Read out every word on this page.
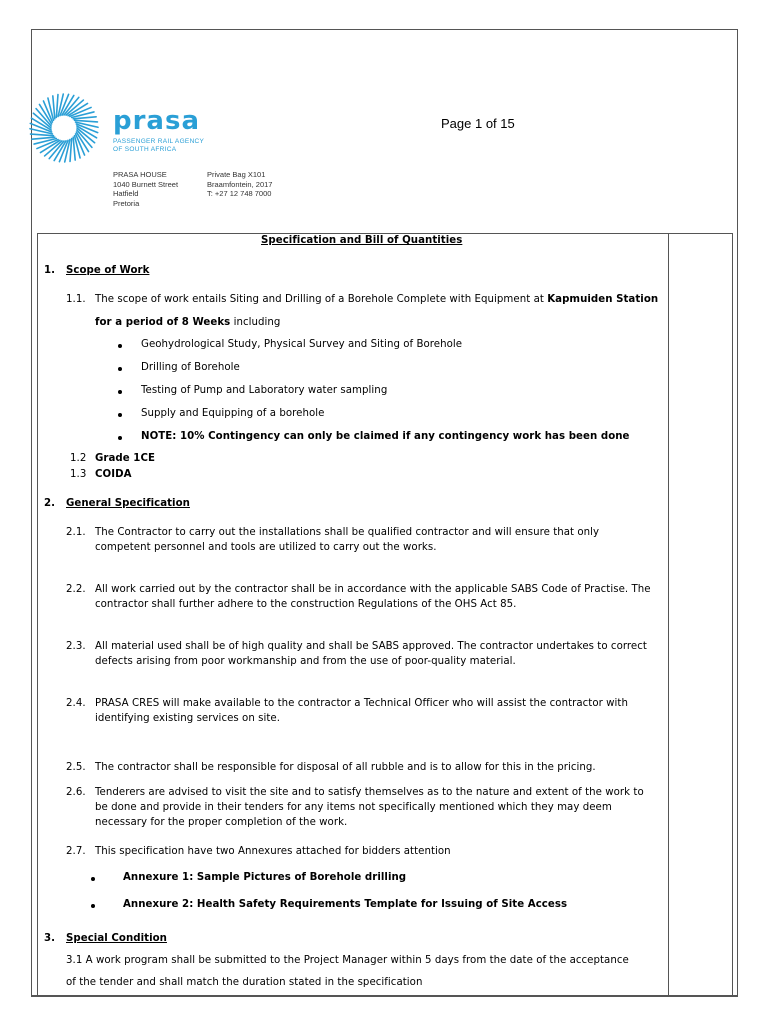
prasa
PASSENGER RAIL AGENCY
OF SOUTH AFRICA
PRASA HOUSE
1040 Burnett Street
Hatfield
Pretoria
Private Bag X101
Braamfontein, 2017
T: +27 12 748 7000
Page 1 of 15
Specification and Bill of Quantities
1. Scope of Work
1.1. The scope of work entails Siting and Drilling of a Borehole Complete with Equipment at Kapmuiden Station
for a period of 8 Weeks including
Geohydrological Study, Physical Survey and Siting of Borehole
Drilling of Borehole
Testing of Pump and Laboratory water sampling
Supply and Equipping of a borehole
NOTE: 10% Contingency can only be claimed if any contingency work has been done
1.2 Grade 1CE
1.3 COIDA
2. General Specification
2.1. The Contractor to carry out the installations shall be qualified contractor and will ensure that only
competent personnel and tools are utilized to carry out the works.
2.2. All work carried out by the contractor shall be in accordance with the applicable SABS Code of Practise. The
contractor shall further adhere to the construction Regulations of the OHS Act 85.
2.3. All material used shall be of high quality and shall be SABS approved. The contractor undertakes to correct
defects arising from poor workmanship and from the use of poor-quality material.
2.4. PRASA CRES will make available to the contractor a Technical Officer who will assist the contractor with
identifying existing services on site.
2.5. The contractor shall be responsible for disposal of all rubble and is to allow for this in the pricing.
2.6. Tenderers are advised to visit the site and to satisfy themselves as to the nature and extent of the work to
be done and provide in their tenders for any items not specifically mentioned which they may deem
necessary for the proper completion of the work.
2.7. This specification have two Annexures attached for bidders attention
Annexure 1: Sample Pictures of Borehole drilling
Annexure 2: Health Safety Requirements Template for Issuing of Site Access
3. Special Condition
3.1 A work program shall be submitted to the Project Manager within 5 days from the date of the acceptance
of the tender and shall match the duration stated in the specification
